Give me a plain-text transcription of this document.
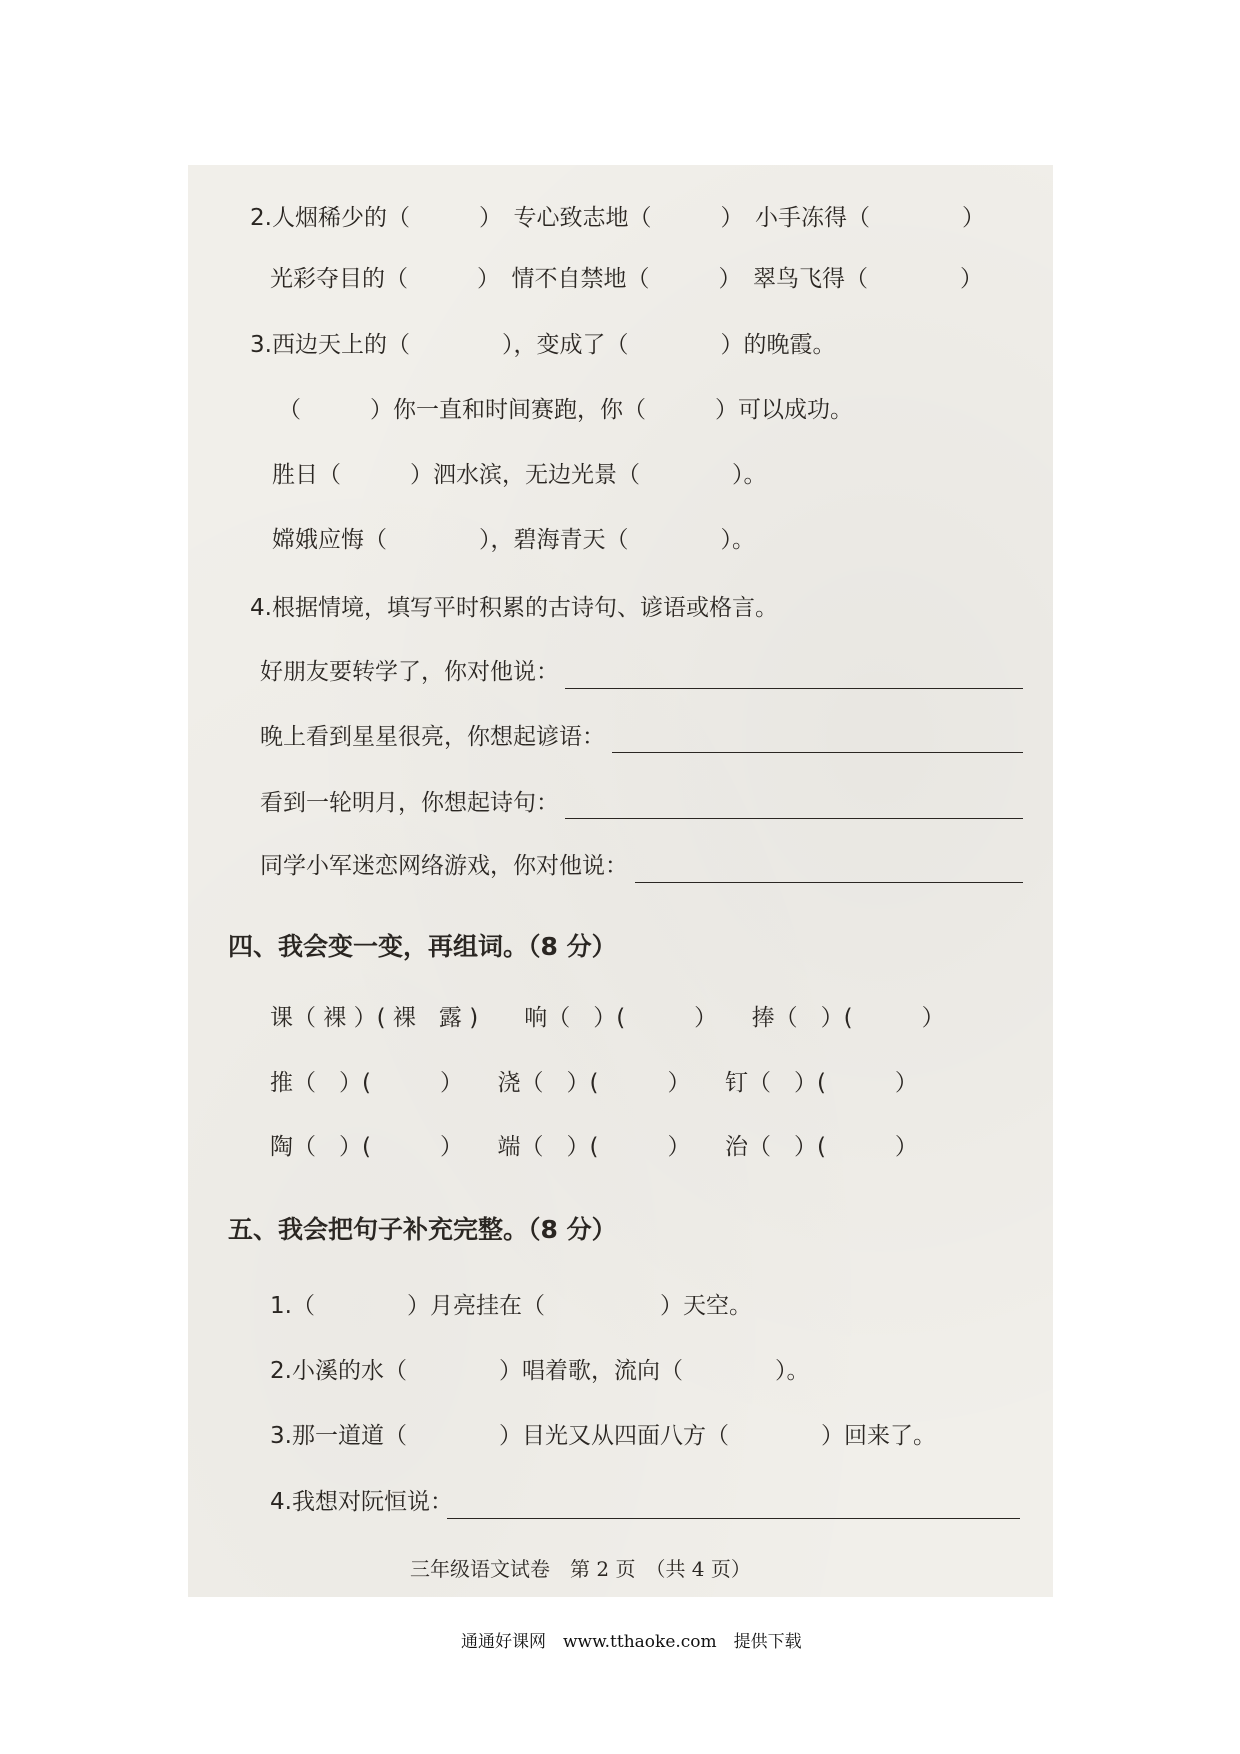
2.人烟稀少的（　　　）　专心致志地（　　　）　小手冻得（　　　　）
光彩夺目的（　　　）　情不自禁地（　　　）　翠鸟飞得（　　　　）
3.西边天上的（　　　　），变成了（　　　　）的晚霞。
（　　　）你一直和时间赛跑，你（　　　）可以成功。
胜日（　　　）泗水滨，无边光景（　　　　）。
嫦娥应悔（　　　　），碧海青天（　　　　）。
4.根据情境，填写平时积累的古诗句、谚语或格言。
好朋友要转学了，你对他说：
晚上看到星星很亮，你想起谚语：
看到一轮明月，你想起诗句：
同学小军迷恋网络游戏，你对他说：
四、我会变一变，再组词。（8 分）
课（ 裸 ）( 裸　露 )　　响（　）(　　　）　　捧（　）(　　　）
推（　）(　　　）　　浇（　）(　　　）　　钉（　）(　　　）
陶（　）(　　　）　　端（　）(　　　）　　治（　）(　　　）
五、我会把句子补充完整。（8 分）
1.（　　　　）月亮挂在（　　　　　）天空。
2.小溪的水（　　　　）唱着歌，流向（　　　　）。
3.那一道道（　　　　）目光又从四面八方（　　　　）回来了。
4.我想对阮恒说：
三年级语文试卷　第 2 页　（共 4 页）
通通好课网　www.tthaoke.com　提供下载
